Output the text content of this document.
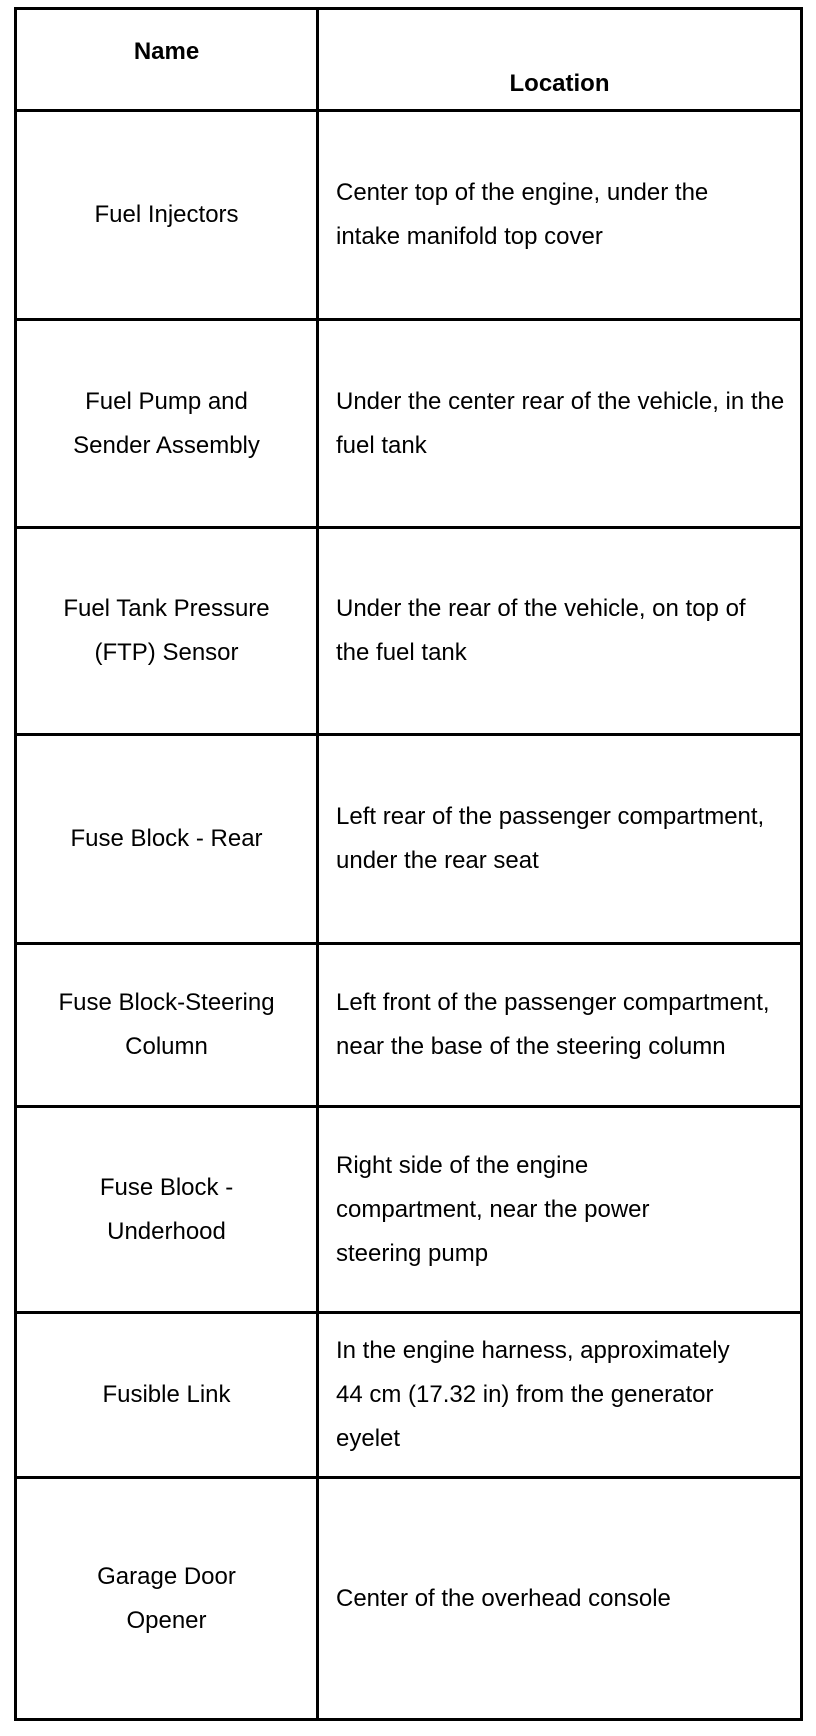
Name
Location
Fuel Injectors
Center top of the engine, under the intake manifold top cover
Fuel Pump and Sender Assembly
Under the center rear of the vehicle, in the fuel tank
Fuel Tank Pressure (FTP) Sensor
Under the rear of the vehicle, on top of the fuel tank
Fuse Block - Rear
Left rear of the passenger compartment, under the rear seat
Fuse Block-Steering Column
Left front of the passenger compartment, near the base of the steering column
Fuse Block - Underhood
Right side of the engine compartment, near the power steering pump
Fusible Link
In the engine harness, approximately 44 cm (17.32 in) from the generator eyelet
Garage Door Opener
Center of the overhead console
